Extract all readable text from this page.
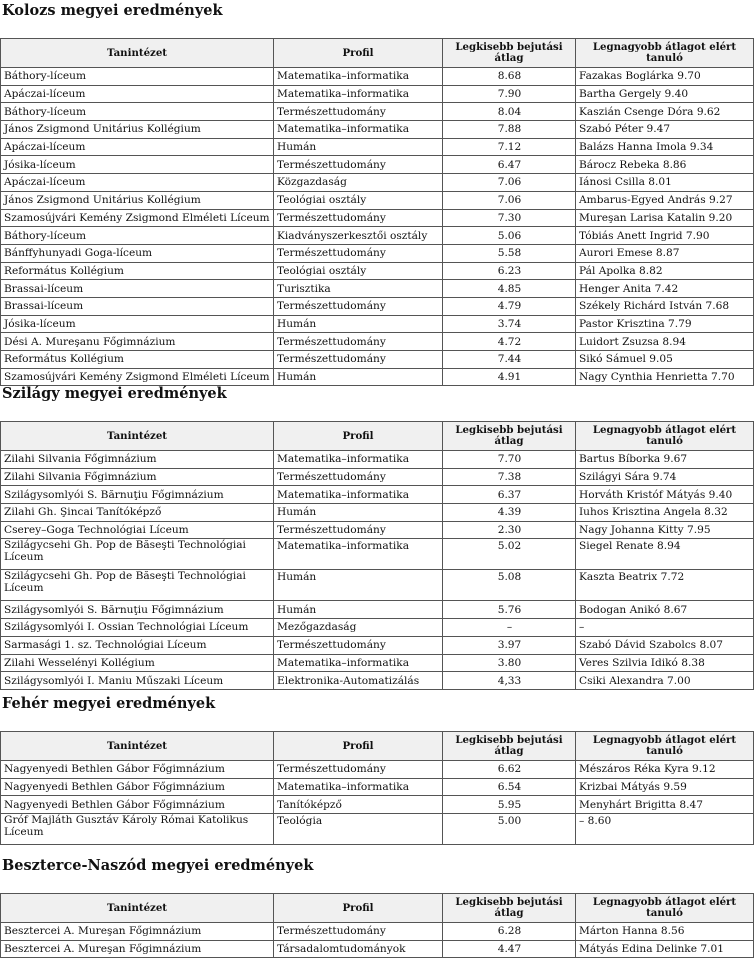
Kolozs megyei eredmények
Tanintézet	Profil	Legkisebb bejutási átlag	Legnagyobb átlagot elért tanuló
Báthory-líceum	Matematika–informatika	8.68	Fazakas Boglárka 9.70
Apáczai-líceum	Matematika–informatika	7.90	Bartha Gergely 9.40
Báthory-líceum	Természettudomány	8.04	Kaszián Csenge Dóra 9.62
János Zsigmond Unitárius Kollégium	Matematika–informatika	7.88	Szabó Péter 9.47
Apáczai-líceum	Humán	7.12	Balázs Hanna Imola 9.34
Jósika-líceum	Természettudomány	6.47	Bárocz Rebeka 8.86
Apáczai-líceum	Közgazdaság	7.06	Iánosi Csilla 8.01
János Zsigmond Unitárius Kollégium	Teológiai osztály	7.06	Ambarus-Egyed András 9.27
Szamosújvári Kemény Zsigmond Elméleti Líceum	Természettudomány	7.30	Mureşan Larisa Katalin 9.20
Báthory-líceum	Kiadványszerkesztői osztály	5.06	Tóbiás Anett Ingrid 7.90
Bánffyhunyadi Goga-líceum	Természettudomány	5.58	Aurori Emese 8.87
Református Kollégium	Teológiai osztály	6.23	Pál Apolka 8.82
Brassai-líceum	Turisztika	4.85	Henger Anita 7.42
Brassai-líceum	Természettudomány	4.79	Székely Richárd István 7.68
Jósika-líceum	Humán	3.74	Pastor Krisztina 7.79
Dési A. Mureşanu Főgimnázium	Természettudomány	4.72	Luidort Zsuzsa 8.94
Református Kollégium	Természettudomány	7.44	Sikó Sámuel 9.05
Szamosújvári Kemény Zsigmond Elméleti Líceum	Humán	4.91	Nagy Cynthia Henrietta 7.70
Szilágy megyei eredmények
Tanintézet	Profil	Legkisebb bejutási átlag	Legnagyobb átlagot elért tanuló
Zilahi Silvania Főgimnázium	Matematika–informatika	7.70	Bartus Bíborka 9.67
Zilahi Silvania Főgimnázium	Természettudomány	7.38	Szilágyi Sára 9.74
Szilágysomlyói S. Bărnuţiu Főgimnázium	Matematika–informatika	6.37	Horváth Kristóf Mátyás 9.40
Zilahi Gh. Şincai Tanítóképző	Humán	4.39	Iuhos Krisztina Angela 8.32
Cserey–Goga Technológiai Líceum	Természettudomány	2.30	Nagy Johanna Kitty 7.95
Szilágycsehi Gh. Pop de Băseşti Technológiai Líceum	Matematika–informatika	5.02	Siegel Renate 8.94
Szilágycsehi Gh. Pop de Băseşti Technológiai Líceum	Humán	5.08	Kaszta Beatrix 7.72
Szilágysomlyói S. Bărnuţiu Főgimnázium	Humán	5.76	Bodogan Anikó 8.67
Szilágysomlyói I. Ossian Technológiai Líceum	Mezőgazdaság	–	–
Sarmasági 1. sz. Technológiai Líceum	Természettudomány	3.97	Szabó Dávid Szabolcs 8.07
Zilahi Wesselényi Kollégium	Matematika–informatika	3.80	Veres Szilvia Idikó 8.38
Szilágysomlyói I. Maniu Műszaki Líceum	Elektronika-Automatizálás	4,33	Csiki Alexandra 7.00
Fehér megyei eredmények
Tanintézet	Profil	Legkisebb bejutási átlag	Legnagyobb átlagot elért tanuló
Nagyenyedi Bethlen Gábor Főgimnázium	Természettudomány	6.62	Mészáros Réka Kyra 9.12
Nagyenyedi Bethlen Gábor Főgimnázium	Matematika–informatika	6.54	Krizbai Mátyás 9.59
Nagyenyedi Bethlen Gábor Főgimnázium	Tanítóképző	5.95	Menyhárt Brigitta 8.47
Gróf Majláth Gusztáv Károly Római Katolikus Líceum	Teológia	5.00	– 8.60
Beszterce-Naszód megyei eredmények
Tanintézet	Profil	Legkisebb bejutási átlag	Legnagyobb átlagot elért tanuló
Besztercei A. Mureşan Főgimnázium	Természettudomány	6.28	Márton Hanna 8.56
Besztercei A. Mureşan Főgimnázium	Társadalomtudományok	4.47	Mátyás Edina Delinke 7.01
